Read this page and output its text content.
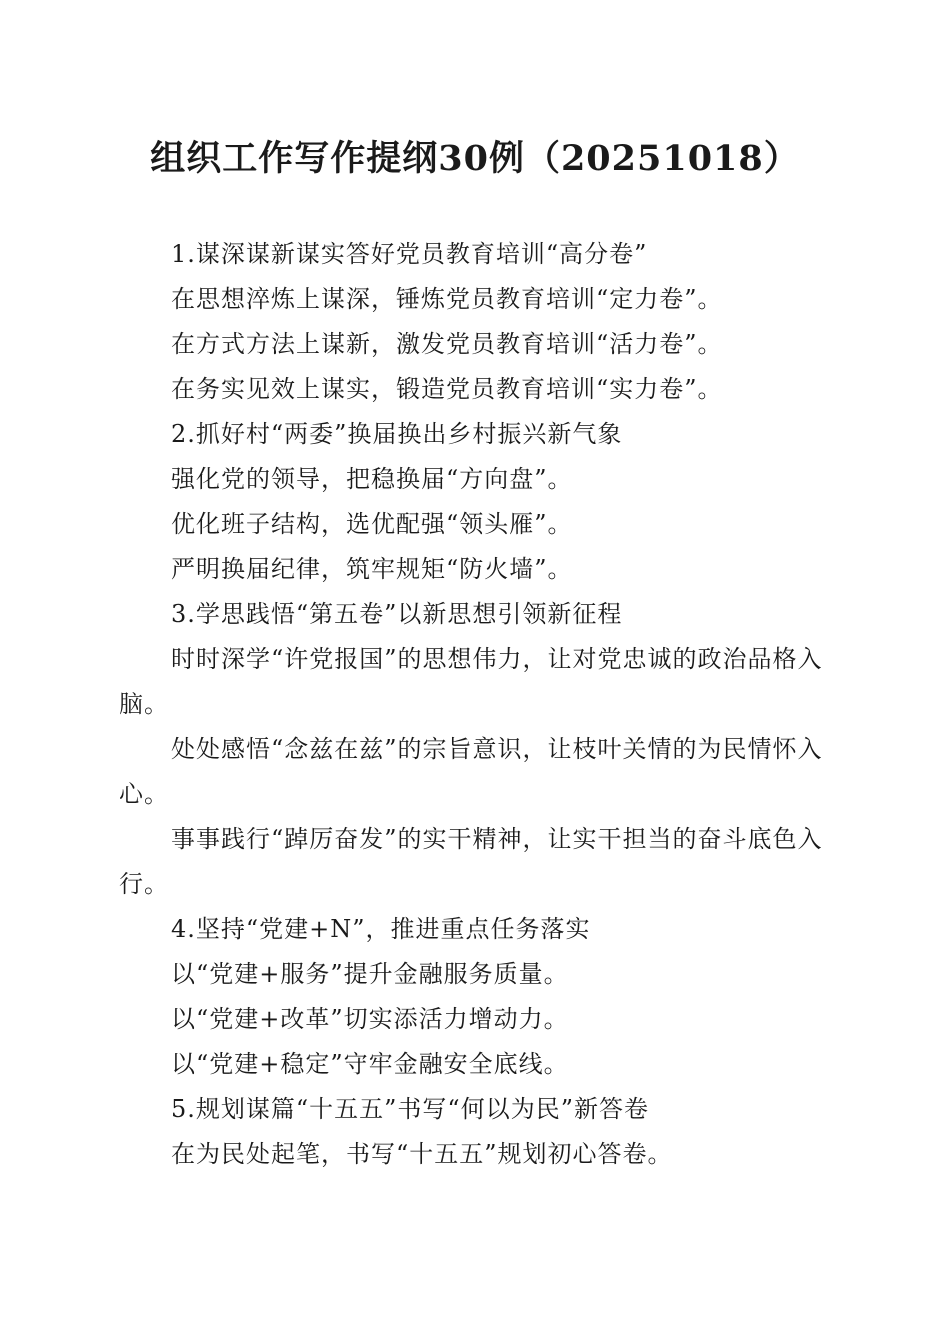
组织工作写作提纲30例（20251018）

1.谋深谋新谋实答好党员教育培训“高分卷”

在思想淬炼上谋深，锤炼党员教育培训“定力卷”。

在方式方法上谋新，激发党员教育培训“活力卷”。

在务实见效上谋实，锻造党员教育培训“实力卷”。

2.抓好村“两委”换届换出乡村振兴新气象

强化党的领导，把稳换届“方向盘”。

优化班子结构，选优配强“领头雁”。

严明换届纪律，筑牢规矩“防火墙”。

3.学思践悟“第五卷”以新思想引领新征程

时时深学“许党报国”的思想伟力，让对党忠诚的政治品格入脑。

处处感悟“念兹在兹”的宗旨意识，让枝叶关情的为民情怀入心。

事事践行“踔厉奋发”的实干精神，让实干担当的奋斗底色入行。

4.坚持“党建+N”，推进重点任务落实

以“党建+服务”提升金融服务质量。

以“党建+改革”切实添活力增动力。

以“党建+稳定”守牢金融安全底线。

5.规划谋篇“十五五”书写“何以为民”新答卷

在为民处起笔，书写“十五五”规划初心答卷。
